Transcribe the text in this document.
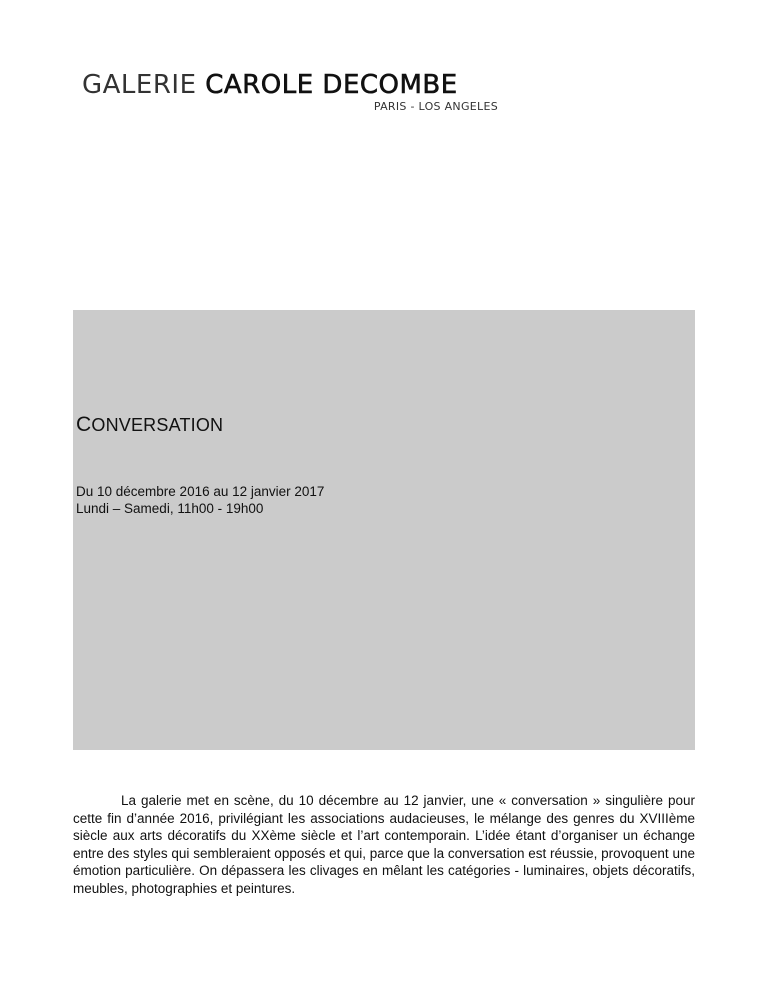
GALERIE CAROLE DECOMBE
PARIS - LOS ANGELES
CONVERSATION
Du 10 décembre 2016 au 12 janvier 2017
Lundi – Samedi, 11h00 - 19h00
La galerie met en scène, du 10 décembre au 12 janvier, une « conversation » singulière pour cette fin d’année 2016, privilégiant les associations audacieuses, le mélange des genres du XVIIIème siècle aux arts décoratifs du XXème siècle et l’art contemporain. L’idée étant d’organiser un échange entre des styles qui sembleraient opposés et qui, parce que la conversation est réussie, provoquent une émotion particulière. On dépassera les clivages en mêlant les catégories - luminaires, objets décoratifs, meubles, photographies et peintures.
